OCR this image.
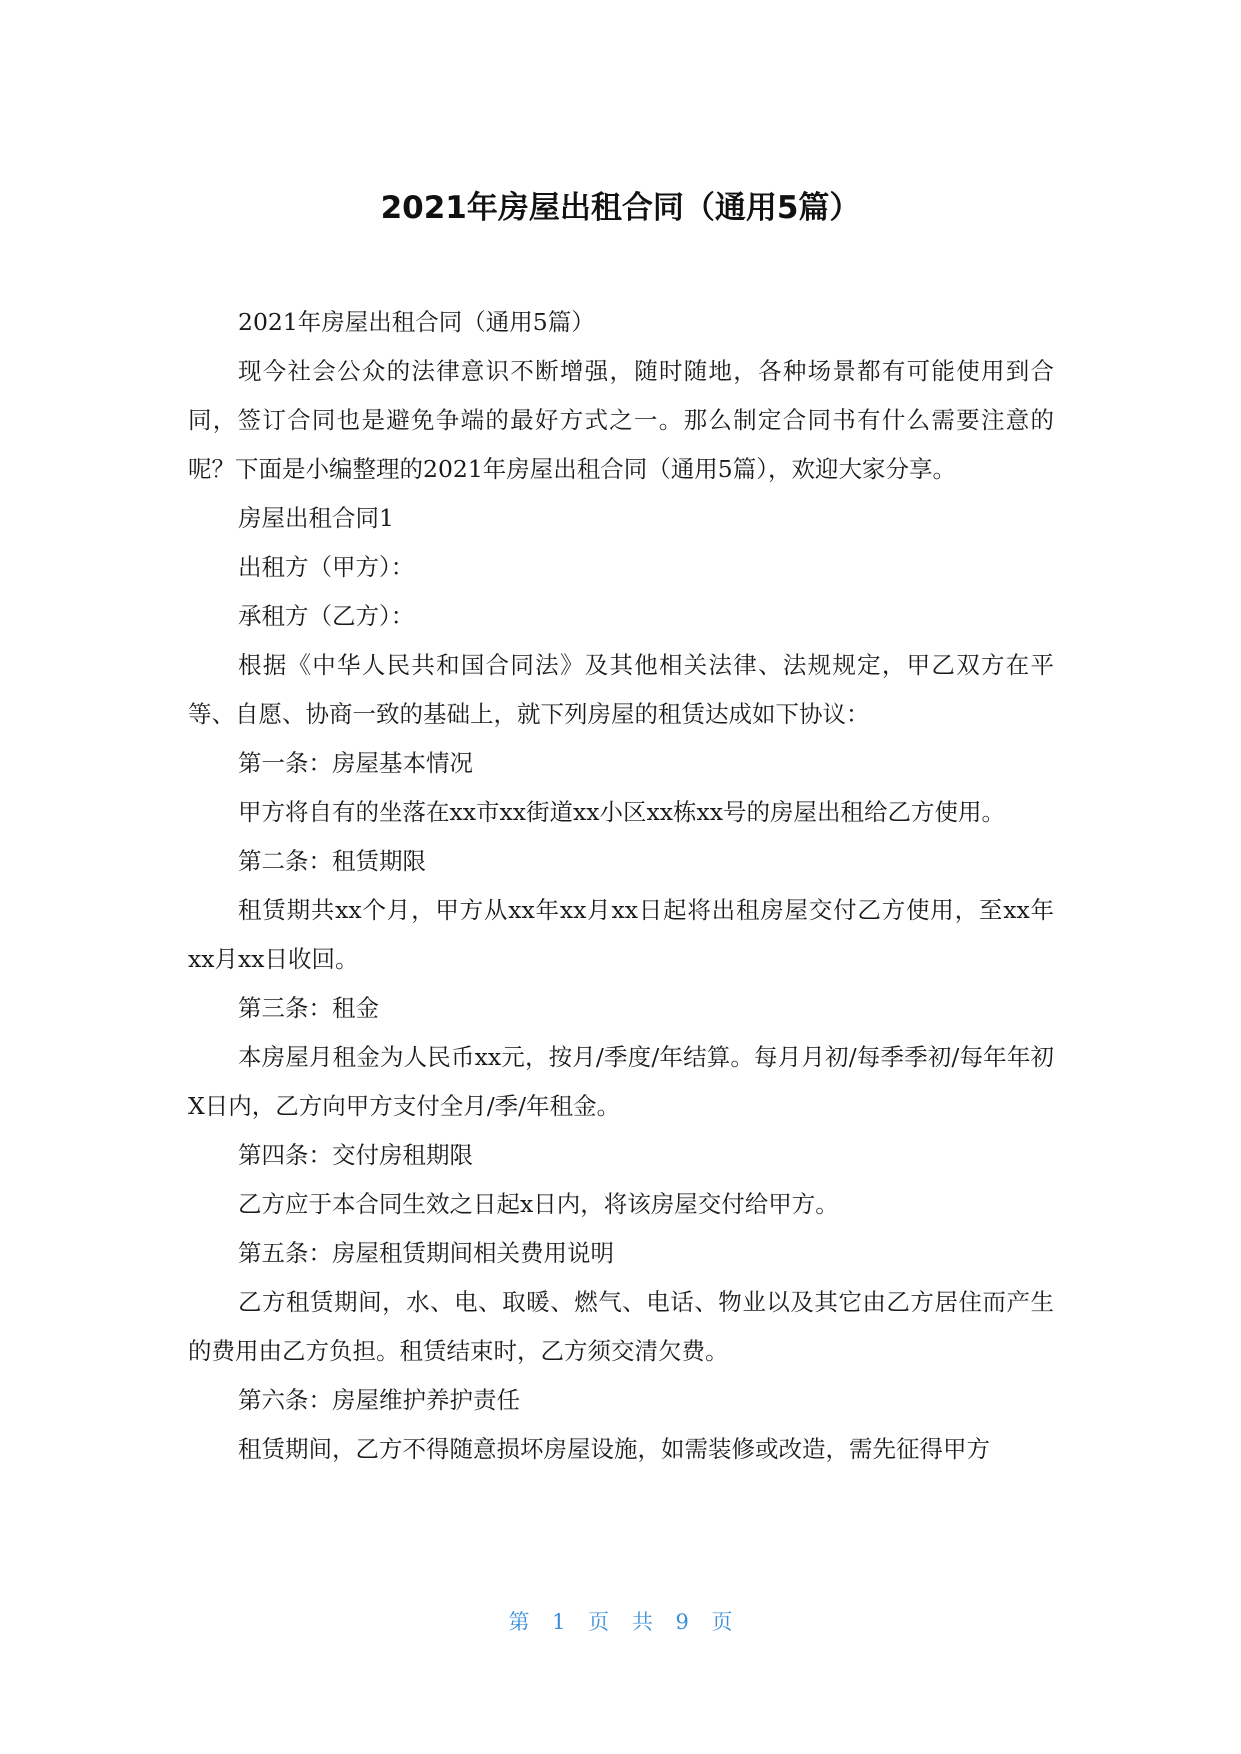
2021年房屋出租合同（通用5篇）

2021年房屋出租合同（通用5篇）

现今社会公众的法律意识不断增强，随时随地，各种场景都有可能使用到合同，签订合同也是避免争端的最好方式之一。那么制定合同书有什么需要注意的呢？下面是小编整理的2021年房屋出租合同（通用5篇），欢迎大家分享。

房屋出租合同1

出租方（甲方）：

承租方（乙方）：

根据《中华人民共和国合同法》及其他相关法律、法规规定，甲乙双方在平等、自愿、协商一致的基础上，就下列房屋的租赁达成如下协议：

第一条：房屋基本情况

甲方将自有的坐落在xx市xx街道xx小区xx栋xx号的房屋出租给乙方使用。

第二条：租赁期限

租赁期共xx个月，甲方从xx年xx月xx日起将出租房屋交付乙方使用，至xx年xx月xx日收回。

第三条：租金

本房屋月租金为人民币xx元，按月/季度/年结算。每月月初/每季季初/每年年初X日内，乙方向甲方支付全月/季/年租金。

第四条：交付房租期限

乙方应于本合同生效之日起x日内，将该房屋交付给甲方。

第五条：房屋租赁期间相关费用说明

乙方租赁期间，水、电、取暖、燃气、电话、物业以及其它由乙方居住而产生的费用由乙方负担。租赁结束时，乙方须交清欠费。

第六条：房屋维护养护责任

租赁期间，乙方不得随意损坏房屋设施，如需装修或改造，需先征得甲方

第 1 页 共 9 页
